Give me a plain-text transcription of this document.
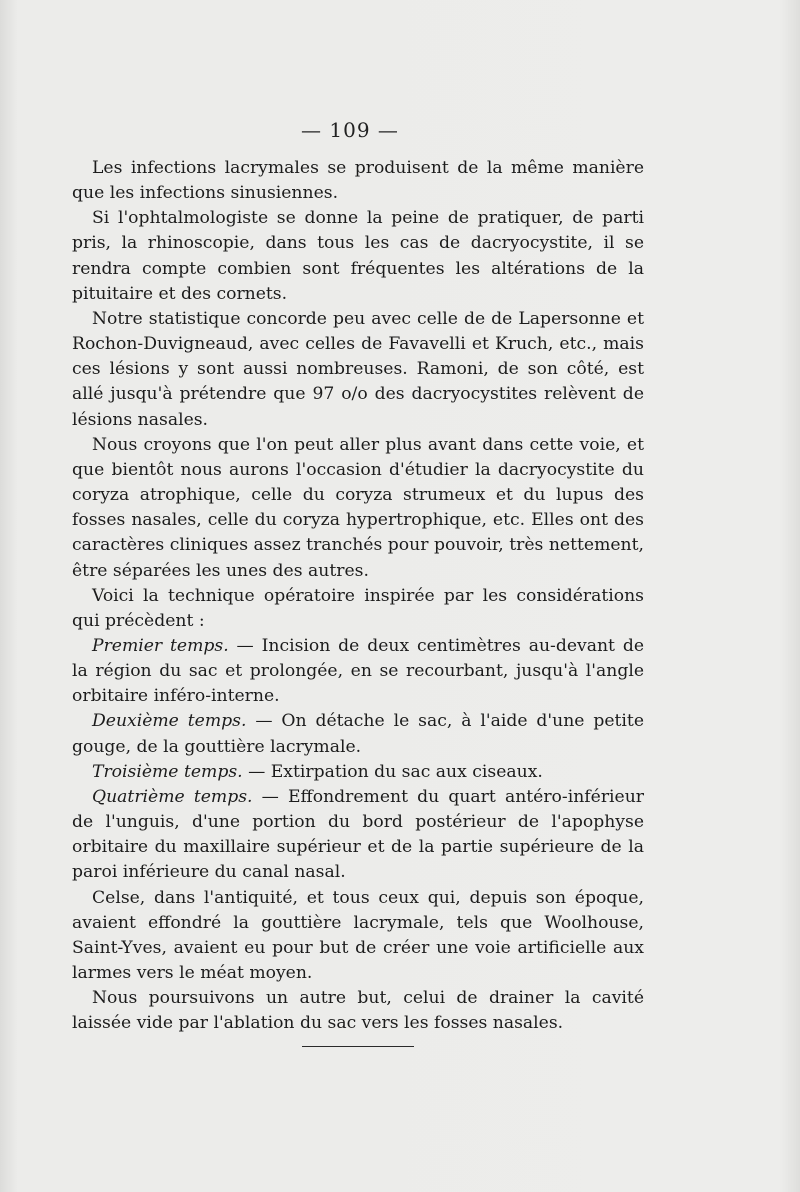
— 109 —

Les infections lacrymales se produisent de la même manière que les infections sinusiennes.

Si l'ophtalmologiste se donne la peine de pratiquer, de parti pris, la rhinoscopie, dans tous les cas de dacryocystite, il se rendra compte combien sont fréquentes les altérations de la pituitaire et des cornets.

Notre statistique concorde peu avec celle de de Lapersonne et Rochon-Duvigneaud, avec celles de Favavelli et Kruch, etc., mais ces lésions y sont aussi nombreuses. Ramoni, de son côté, est allé jusqu'à prétendre que 97 o/o des dacryocystites relèvent de lésions nasales.

Nous croyons que l'on peut aller plus avant dans cette voie, et que bientôt nous aurons l'occasion d'étudier la dacryocystite du coryza atrophique, celle du coryza strumeux et du lupus des fosses nasales, celle du coryza hypertrophique, etc. Elles ont des caractères cliniques assez tranchés pour pouvoir, très nettement, être séparées les unes des autres.

Voici la technique opératoire inspirée par les considérations qui précèdent :

Premier temps. — Incision de deux centimètres au-devant de la région du sac et prolongée, en se recourbant, jusqu'à l'angle orbitaire inféro-interne.

Deuxième temps. — On détache le sac, à l'aide d'une petite gouge, de la gouttière lacrymale.

Troisième temps. — Extirpation du sac aux ciseaux.

Quatrième temps. — Effondrement du quart antéro-inférieur de l'unguis, d'une portion du bord postérieur de l'apophyse orbitaire du maxillaire supérieur et de la partie supérieure de la paroi inférieure du canal nasal.

Celse, dans l'antiquité, et tous ceux qui, depuis son époque, avaient effondré la gouttière lacrymale, tels que Woolhouse, Saint-Yves, avaient eu pour but de créer une voie artificielle aux larmes vers le méat moyen.

Nous poursuivons un autre but, celui de drainer la cavité laissée vide par l'ablation du sac vers les fosses nasales.
